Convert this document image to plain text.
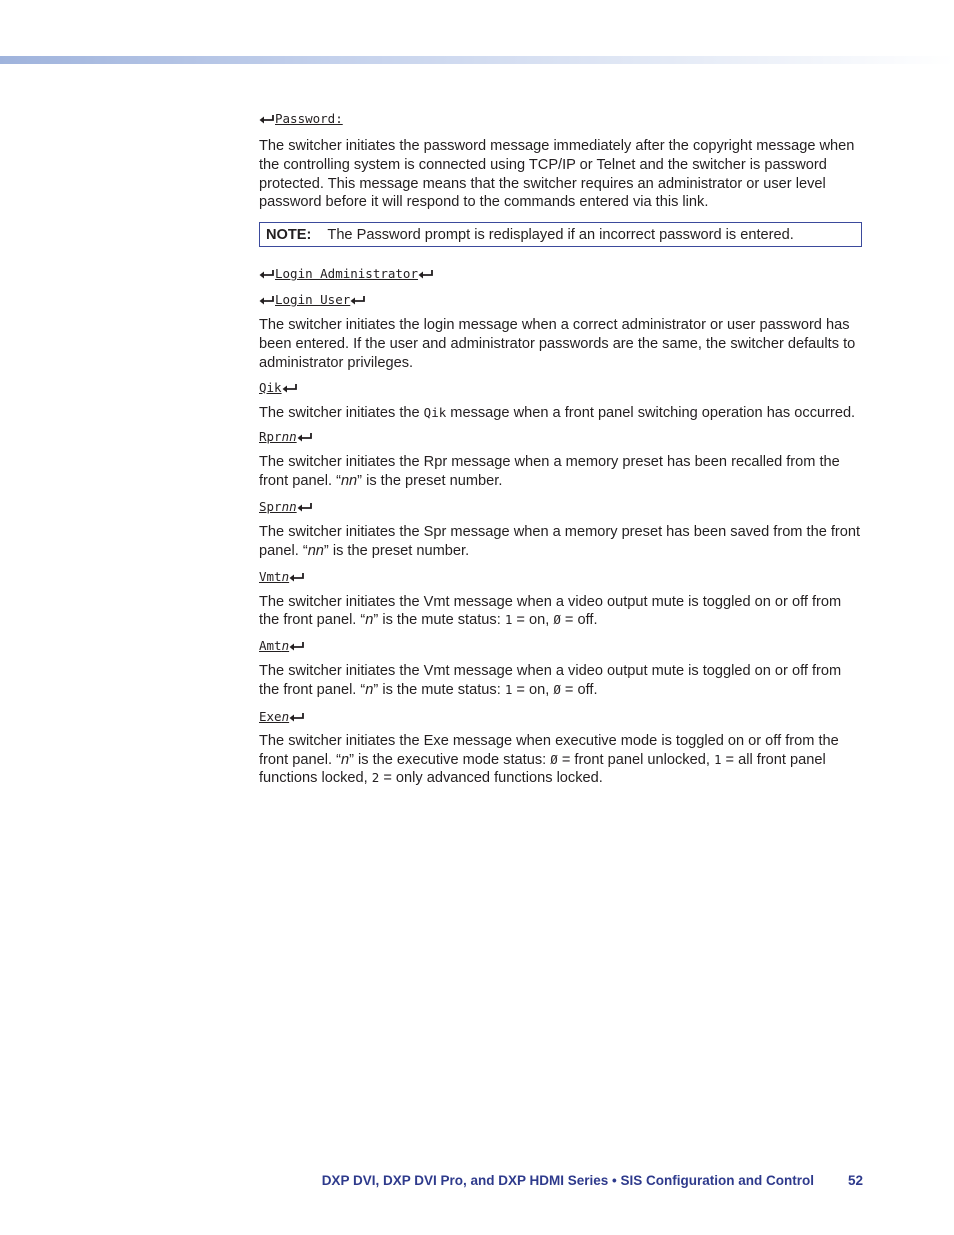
Password:

The switcher initiates the password message immediately after the copyright message when the controlling system is connected using TCP/IP or Telnet and the switcher is password protected. This message means that the switcher requires an administrator or user level password before it will respond to the commands entered via this link.

NOTE: The Password prompt is redisplayed if an incorrect password is entered.
Login Administrator
Login User

The switcher initiates the login message when a correct administrator or user password has been entered. If the user and administrator passwords are the same, the switcher defaults to administrator privileges.

Qik

The switcher initiates the Qik message when a front panel switching operation has occurred.

Rpr nn

The switcher initiates the Rpr message when a memory preset has been recalled from the front panel. “nn” is the preset number.

Spr nn

The switcher initiates the Spr message when a memory preset has been saved from the front panel. “nn” is the preset number.

Vmt n

The switcher initiates the Vmt message when a video output mute is toggled on or off from the front panel. “n” is the mute status: 1 = on, Ø = off.

Amt n

The switcher initiates the Vmt message when a video output mute is toggled on or off from the front panel. “n” is the mute status: 1 = on, Ø = off.

Exe n

The switcher initiates the Exe message when executive mode is toggled on or off from the front panel. “n” is the executive mode status: Ø = front panel unlocked, 1 = all front panel functions locked, 2 = only advanced functions locked.

DXP DVI, DXP DVI Pro, and DXP HDMI Series • SIS Configuration and Control	52
